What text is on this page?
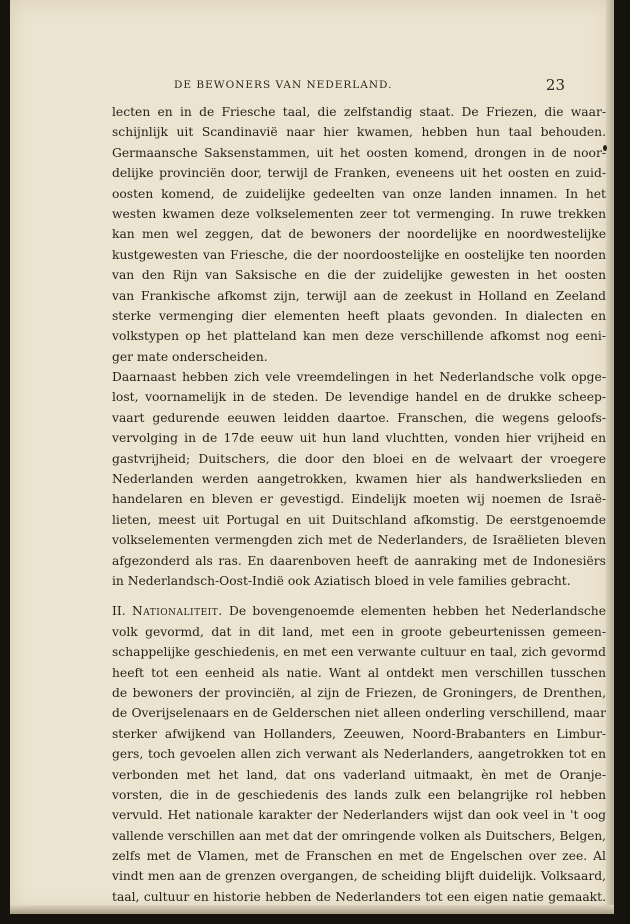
DE BEWONERS VAN NEDERLAND.	23
lecten en in de Friesche taal, die zelfstandig staat. De Friezen, die waar-
schijnlijk uit Scandinavië naar hier kwamen, hebben hun taal behouden.
Germaansche Saksenstammen, uit het oosten komend, drongen in de noor-
delijke provinciën door, terwijl de Franken, eveneens uit het oosten en zuid-
oosten komend, de zuidelijke gedeelten van onze landen innamen. In het
westen kwamen deze volkselementen zeer tot vermenging. In ruwe trekken
kan men wel zeggen, dat de bewoners der noordelijke en noordwestelijke
kustgewesten van Friesche, die der noordoostelijke en oostelijke ten noorden
van den Rijn van Saksische en die der zuidelijke gewesten in het oosten
van Frankische afkomst zijn, terwijl aan de zeekust in Holland en Zeeland
sterke vermenging dier elementen heeft plaats gevonden. In dialecten en
volkstypen op het platteland kan men deze verschillende afkomst nog eeni-
ger mate onderscheiden.
Daarnaast hebben zich vele vreemdelingen in het Nederlandsche volk opge-
lost, voornamelijk in de steden. De levendige handel en de drukke scheep-
vaart gedurende eeuwen leidden daartoe. Franschen, die wegens geloofs-
vervolging in de 17de eeuw uit hun land vluchtten, vonden hier vrijheid en
gastvrijheid; Duitschers, die door den bloei en de welvaart der vroegere
Nederlanden werden aangetrokken, kwamen hier als handwerkslieden en
handelaren en bleven er gevestigd. Eindelijk moeten wij noemen de Israë-
lieten, meest uit Portugal en uit Duitschland afkomstig. De eerstgenoemde
volkselementen vermengden zich met de Nederlanders, de Israëlieten bleven
afgezonderd als ras. En daarenboven heeft de aanraking met de Indonesiërs
in Nederlandsch-Oost-Indië ook Aziatisch bloed in vele families gebracht.
II. Nationaliteit. De bovengenoemde elementen hebben het Nederlandsche
volk gevormd, dat in dit land, met een in groote gebeurtenissen gemeen-
schappelijke geschiedenis, en met een verwante cultuur en taal, zich gevormd
heeft tot een eenheid als natie. Want al ontdekt men verschillen tusschen
de bewoners der provinciën, al zijn de Friezen, de Groningers, de Drenthen,
de Overijselenaars en de Gelderschen niet alleen onderling verschillend, maar
sterker afwijkend van Hollanders, Zeeuwen, Noord-Brabanters en Limbur-
gers, toch gevoelen allen zich verwant als Nederlanders, aangetrokken tot en
verbonden met het land, dat ons vaderland uitmaakt, èn met de Oranje-
vorsten, die in de geschiedenis des lands zulk een belangrijke rol hebben
vervuld. Het nationale karakter der Nederlanders wijst dan ook veel in 't oog
vallende verschillen aan met dat der omringende volken als Duitschers, Belgen,
zelfs met de Vlamen, met de Franschen en met de Engelschen over zee. Al
vindt men aan de grenzen overgangen, de scheiding blijft duidelijk. Volksaard,
taal, cultuur en historie hebben de Nederlanders tot een eigen natie gemaakt.
